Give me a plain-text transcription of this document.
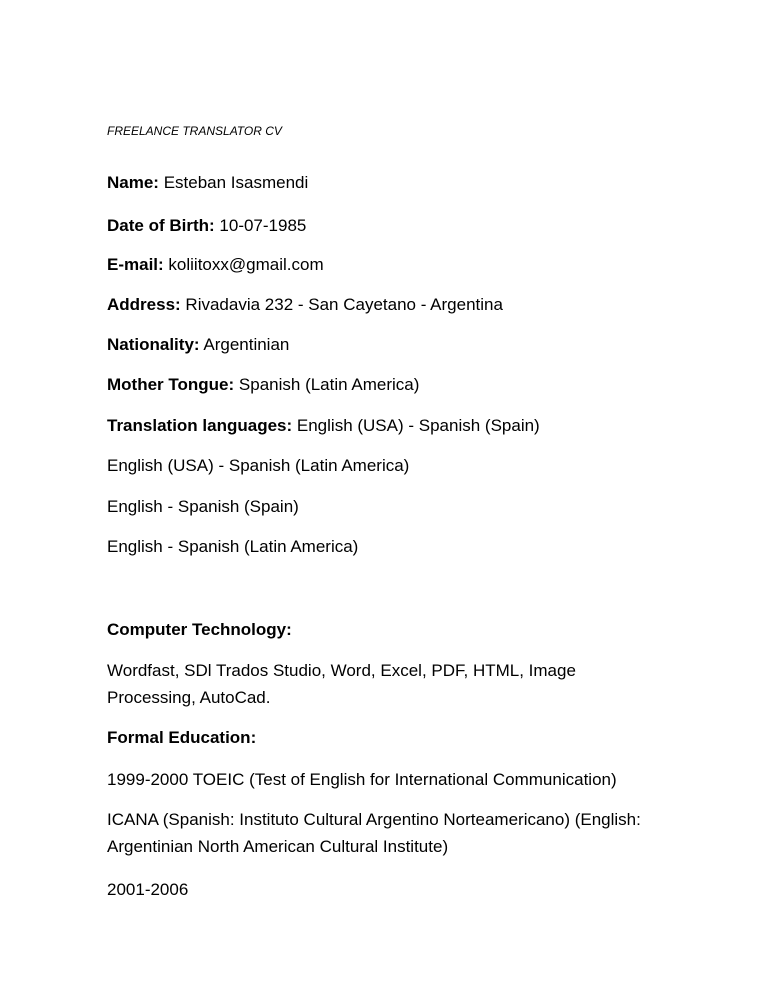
FREELANCE TRANSLATOR CV
Name: Esteban Isasmendi
Date of Birth: 10-07-1985
E-mail: koliitoxx@gmail.com
Address: Rivadavia 232 - San Cayetano - Argentina
Nationality: Argentinian
Mother Tongue: Spanish (Latin America)
Translation languages: English (USA) - Spanish (Spain)
English (USA) - Spanish (Latin America)
English - Spanish (Spain)
English - Spanish (Latin America)
Computer Technology:
Wordfast, SDl Trados Studio, Word, Excel, PDF, HTML, Image Processing, AutoCad.
Formal Education:
1999-2000 TOEIC (Test of English for International Communication)
ICANA (Spanish: Instituto Cultural Argentino Norteamericano) (English: Argentinian North American Cultural Institute)
2001-2006
